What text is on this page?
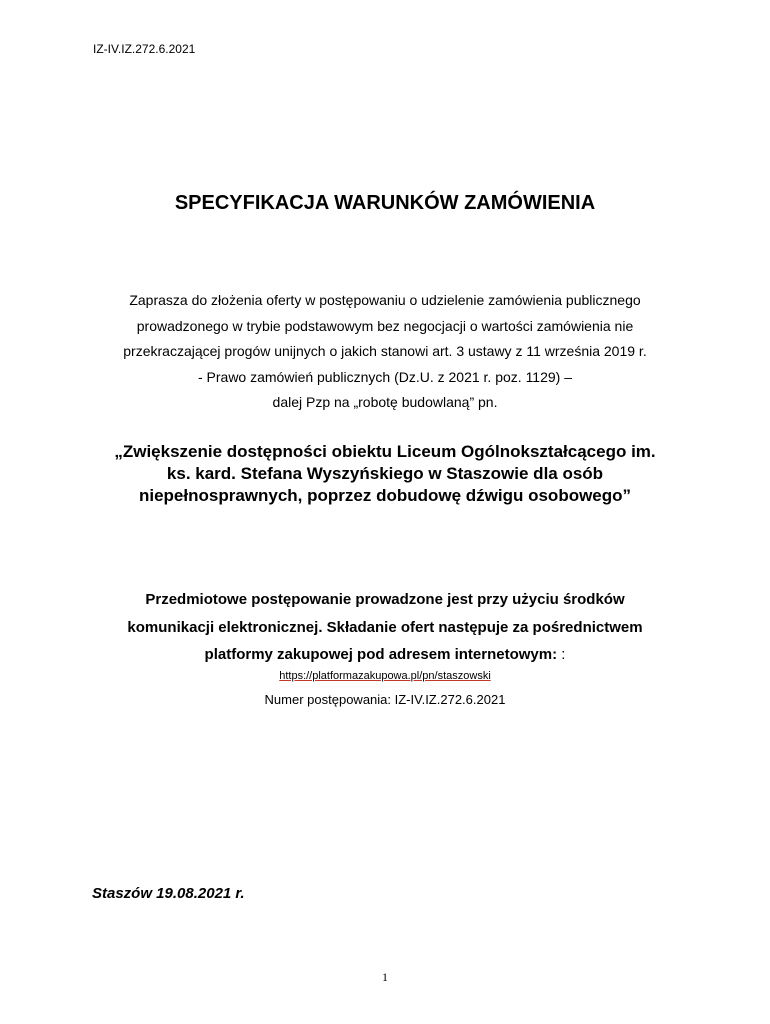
IZ-IV.IZ.272.6.2021
SPECYFIKACJA WARUNKÓW ZAMÓWIENIA
Zaprasza do złożenia oferty w postępowaniu o udzielenie zamówienia publicznego
prowadzonego w trybie podstawowym bez negocjacji o wartości zamówienia nie
przekraczającej progów unijnych o jakich stanowi art. 3 ustawy z 11 września 2019 r.
- Prawo zamówień publicznych (Dz.U. z 2021 r. poz. 1129) –
dalej Pzp na „robotę budowlaną” pn.
„Zwiększenie dostępności obiektu Liceum Ogólnokształcącego im.
ks. kard. Stefana Wyszyńskiego w Staszowie dla osób
niepełnosprawnych, poprzez dobudowę dźwigu osobowego”
Przedmiotowe postępowanie prowadzone jest przy użyciu środków
komunikacji elektronicznej. Składanie ofert następuje za pośrednictwem
platformy zakupowej pod adresem internetowym: :
https://platformazakupowa.pl/pn/staszowski
Numer postępowania: IZ-IV.IZ.272.6.2021
Staszów 19.08.2021 r.
1
